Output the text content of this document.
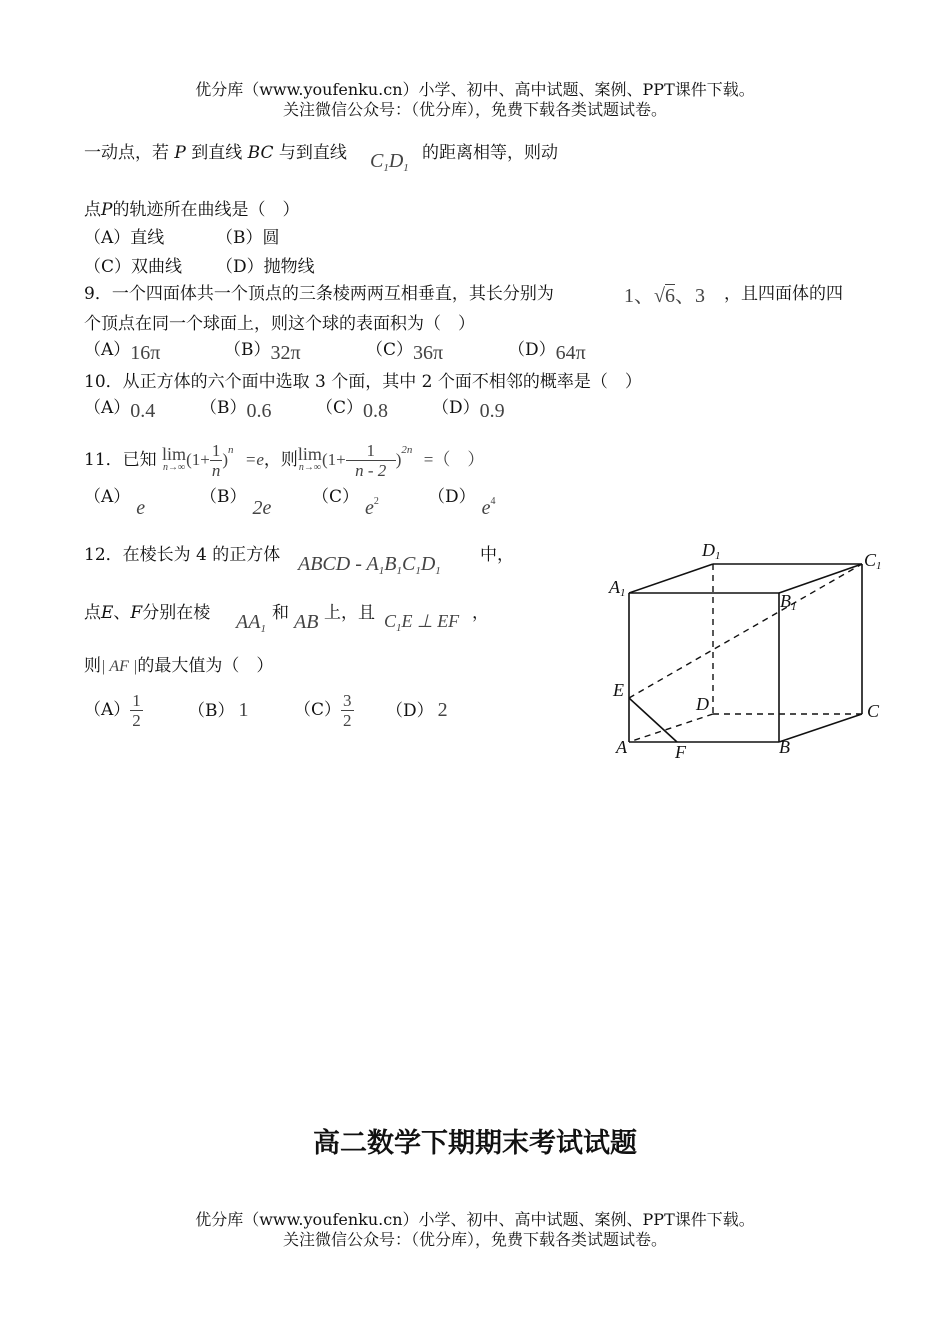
优分库（www.youfenku.cn）小学、初中、高中试题、案例、PPT课件下载。
关注微信公众号：（优分库），免费下载各类试题试卷。
一动点，若 P 到直线 BC 与到直线 $C_1D_1$
的距离相等，则动
点P的轨迹所在曲线是（　）
（A）直线	（B）圆
（C）双曲线 （D）抛物线
9．一个四面体共一个顶点的三条棱两两互相垂直，其长分别为	1、√6、3 ，且四面体的四
个顶点在同一个球面上，则这个球的表面积为（　）
（A）16π	（B）32π	（C）36π	（D）64π
10．从正方体的六个面中选取 3 个面，其中 2 个面不相邻的概率是（　）
（A）0.4	（B）0.6	（C）0.8	（D）0.9
11．已知 lim
n→∞ $(1+ \frac{1}{n} )^n =e$，则 lim
n→∞ $(1+ \frac{1}{n - 2} )^{2n}$ =（　）
（A） e	（B） 2e （C） e2	（D） e4
12．在棱长为 4 的正方体 ABCD - $A_1B_1C_1D_1$
中，
点E、F分别在棱 $AA_1$
和 AB 上，且 $C_1E$ ⊥ EF ，
则| AF |的最大值为（　）
$(A) \frac{1}{2}$	（B） 1	$(C) \frac{3}{2} (D)$ 2
D1	C1
A1	B1
E
D	C
A	F	B
高二数学下期期末考试试题
优分库（www.youfenku.cn）小学、初中、高中试题、案例、PPT课件下载。
关注微信公众号：（优分库），免费下载各类试题试卷。
